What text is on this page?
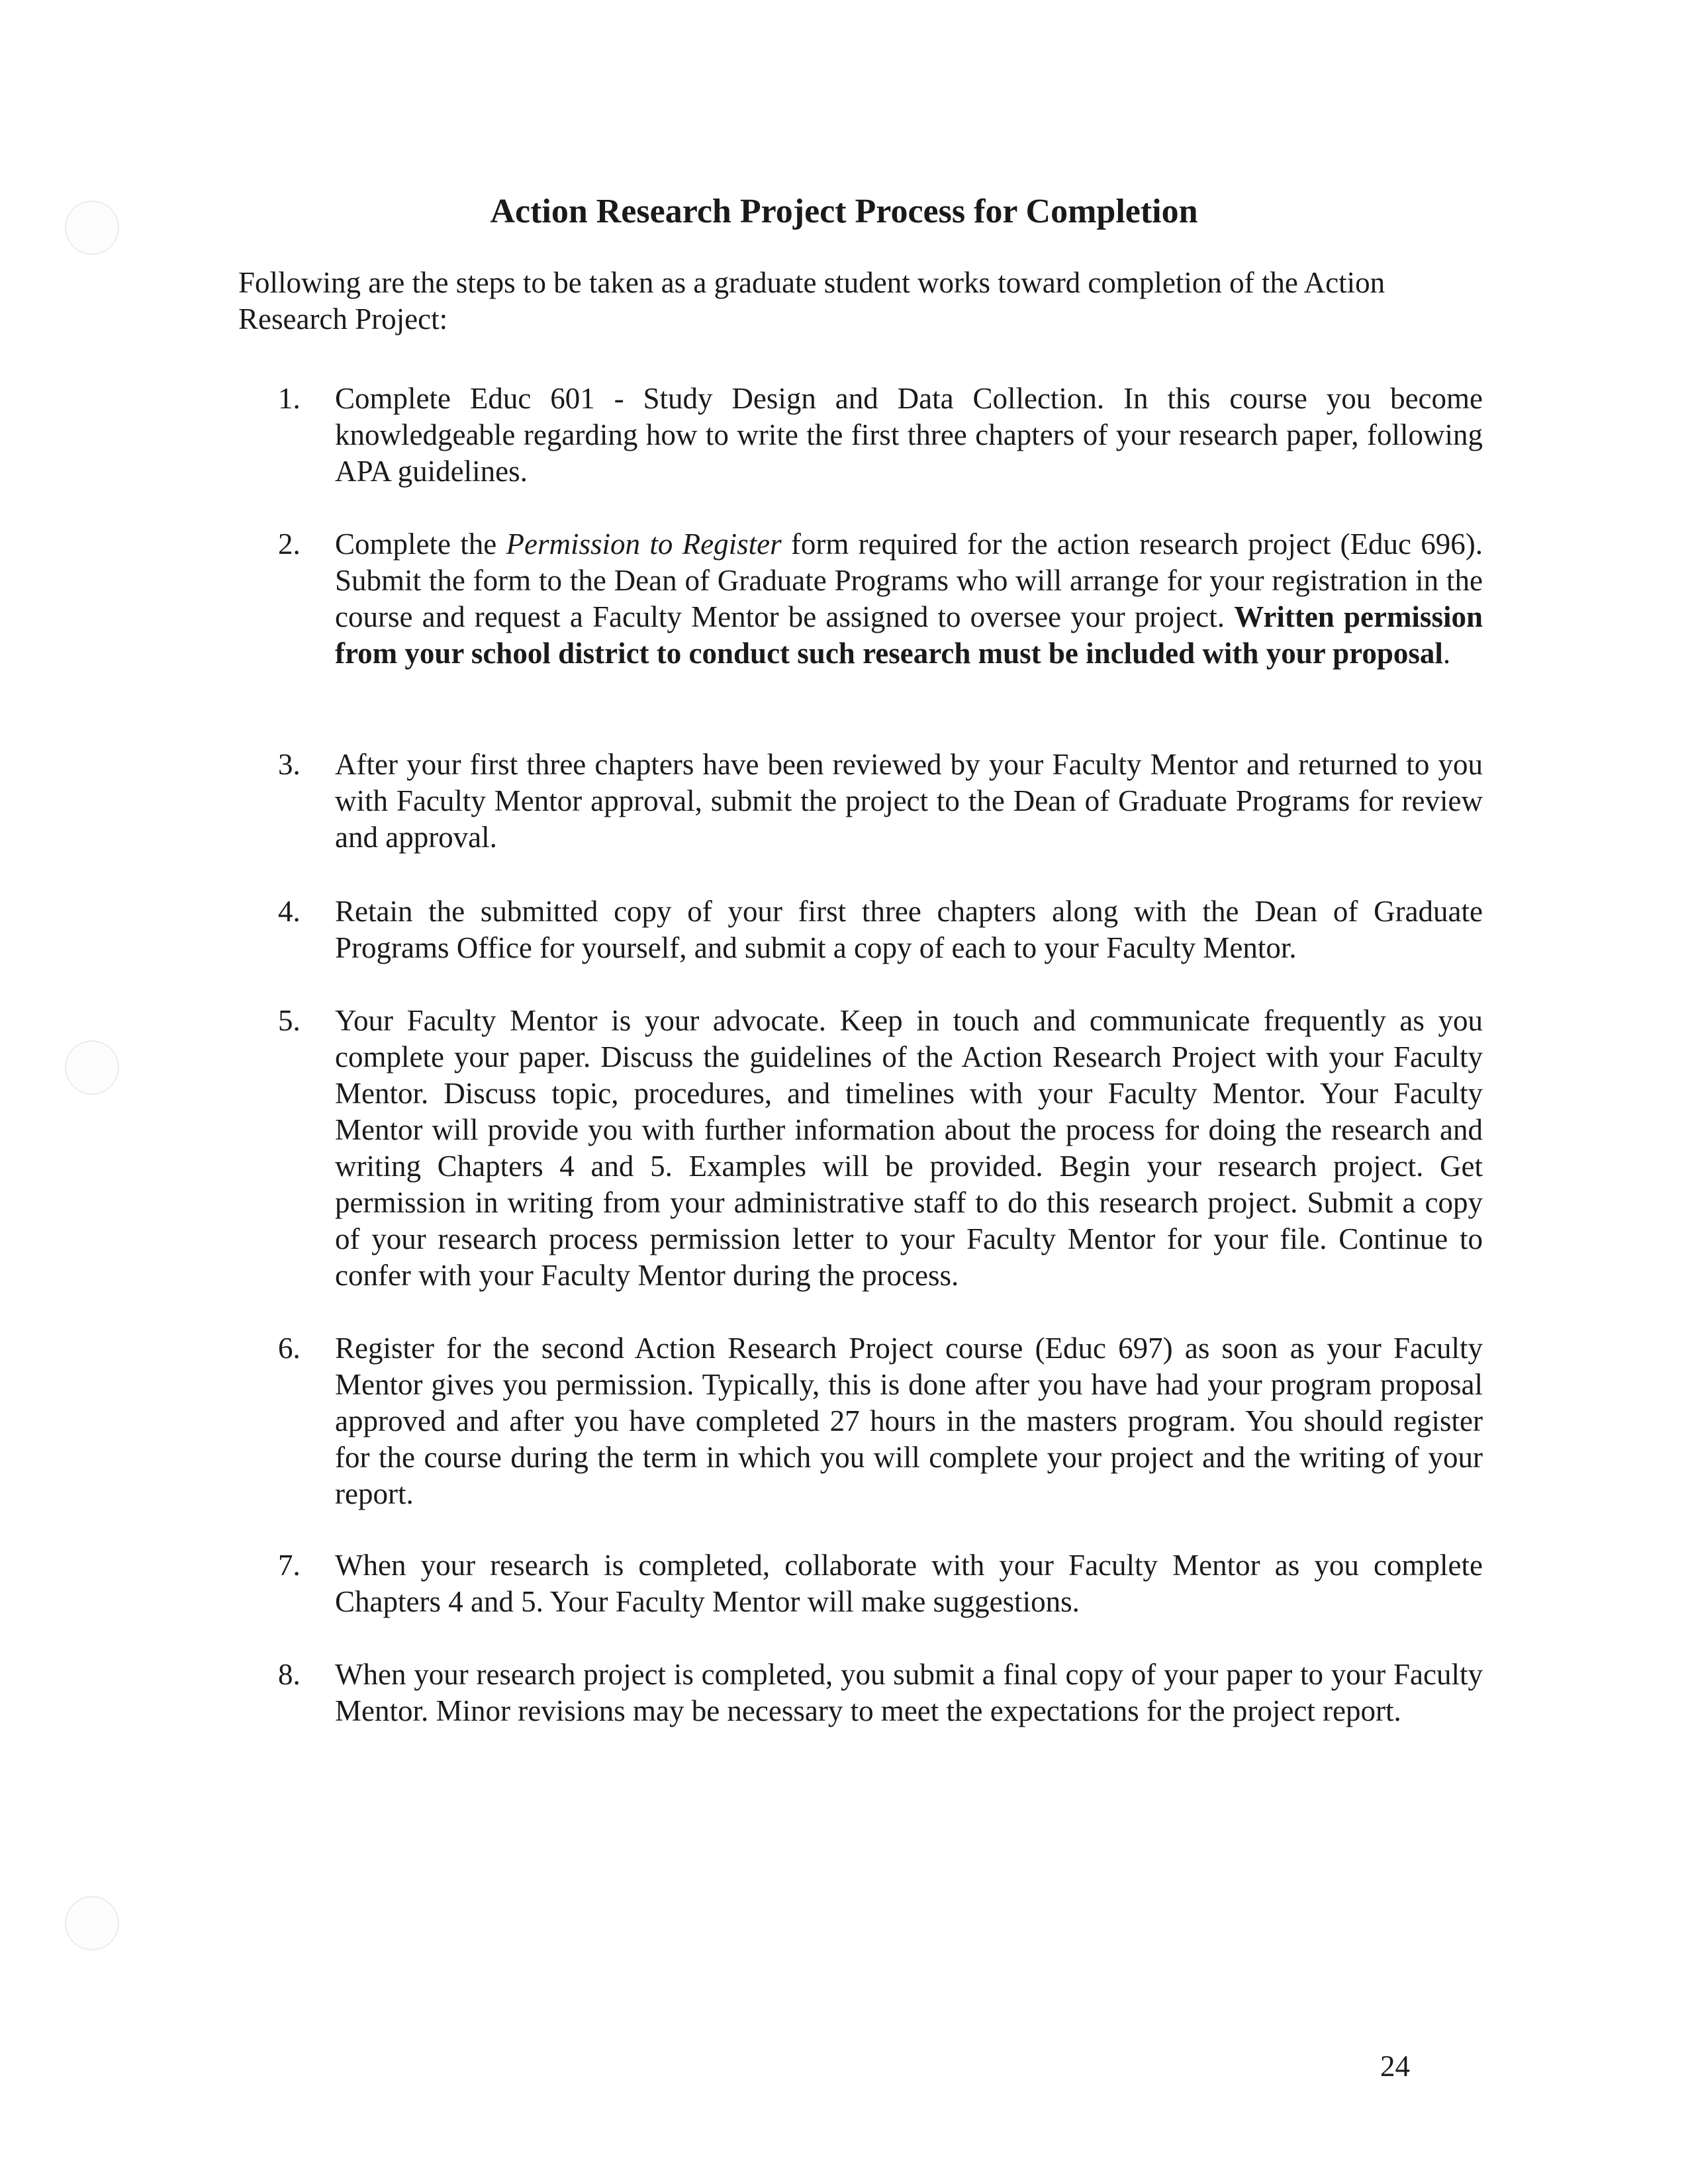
Action Research Project Process for Completion
Following are the steps to be taken as a graduate student works toward completion of the Action Research Project:
1. Complete Educ 601 - Study Design and Data Collection. In this course you become knowledgeable regarding how to write the first three chapters of your research paper, following APA guidelines.
2. Complete the Permission to Register form required for the action research project (Educ 696). Submit the form to the Dean of Graduate Programs who will arrange for your registration in the course and request a Faculty Mentor be assigned to oversee your project. Written permission from your school district to conduct such research must be included with your proposal.
3. After your first three chapters have been reviewed by your Faculty Mentor and returned to you with Faculty Mentor approval, submit the project to the Dean of Graduate Programs for review and approval.
4. Retain the submitted copy of your first three chapters along with the Dean of Graduate Programs Office for yourself, and submit a copy of each to your Faculty Mentor.
5. Your Faculty Mentor is your advocate. Keep in touch and communicate frequently as you complete your paper. Discuss the guidelines of the Action Research Project with your Faculty Mentor. Discuss topic, procedures, and timelines with your Faculty Mentor. Your Faculty Mentor will provide you with further information about the process for doing the research and writing Chapters 4 and 5. Examples will be provided. Begin your research project. Get permission in writing from your administrative staff to do this research project. Submit a copy of your research process permission letter to your Faculty Mentor for your file. Continue to confer with your Faculty Mentor during the process.
6. Register for the second Action Research Project course (Educ 697) as soon as your Faculty Mentor gives you permission. Typically, this is done after you have had your program proposal approved and after you have completed 27 hours in the masters program. You should register for the course during the term in which you will complete your project and the writing of your report.
7. When your research is completed, collaborate with your Faculty Mentor as you complete Chapters 4 and 5. Your Faculty Mentor will make suggestions.
8. When your research project is completed, you submit a final copy of your paper to your Faculty Mentor. Minor revisions may be necessary to meet the expectations for the project report.
24
